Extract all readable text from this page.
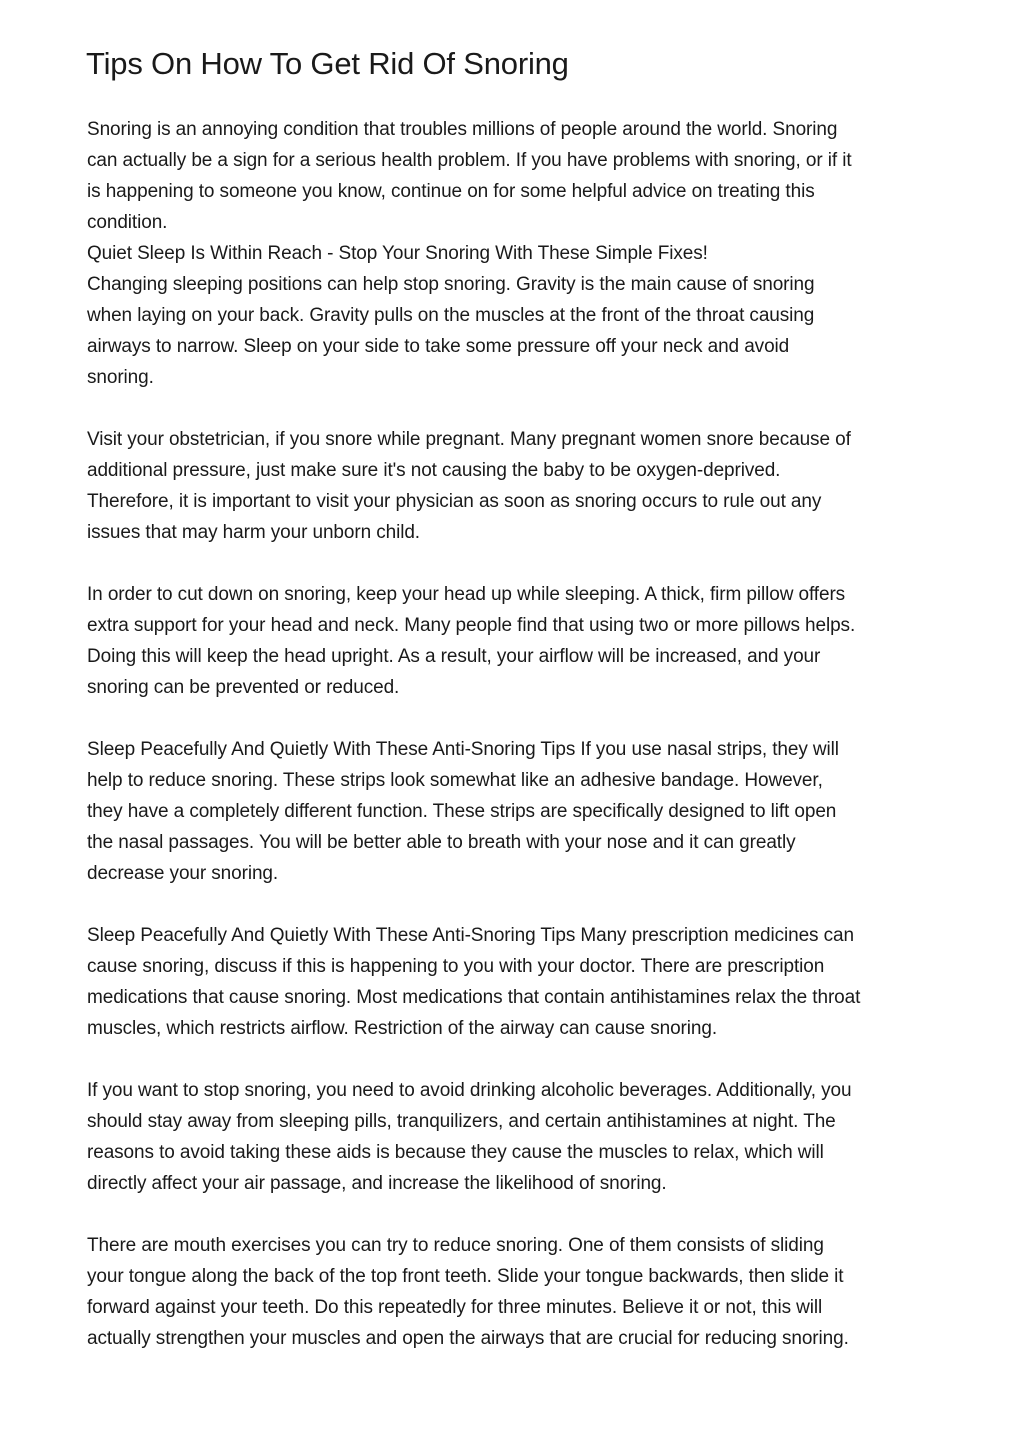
Tips On How To Get Rid Of Snoring
Snoring is an annoying condition that troubles millions of people around the world. Snoring
can actually be a sign for a serious health problem. If you have problems with snoring, or if it
is happening to someone you know, continue on for some helpful advice on treating this
condition.
Quiet Sleep Is Within Reach - Stop Your Snoring With These Simple Fixes!
Changing sleeping positions can help stop snoring. Gravity is the main cause of snoring
when laying on your back. Gravity pulls on the muscles at the front of the throat causing
airways to narrow. Sleep on your side to take some pressure off your neck and avoid
snoring.
Visit your obstetrician, if you snore while pregnant. Many pregnant women snore because of
additional pressure, just make sure it's not causing the baby to be oxygen-deprived.
Therefore, it is important to visit your physician as soon as snoring occurs to rule out any
issues that may harm your unborn child.
In order to cut down on snoring, keep your head up while sleeping. A thick, firm pillow offers
extra support for your head and neck. Many people find that using two or more pillows helps.
Doing this will keep the head upright. As a result, your airflow will be increased, and your
snoring can be prevented or reduced.
Sleep Peacefully And Quietly With These Anti-Snoring Tips If you use nasal strips, they will
help to reduce snoring. These strips look somewhat like an adhesive bandage. However,
they have a completely different function. These strips are specifically designed to lift open
the nasal passages. You will be better able to breath with your nose and it can greatly
decrease your snoring.
Sleep Peacefully And Quietly With These Anti-Snoring Tips Many prescription medicines can
cause snoring, discuss if this is happening to you with your doctor. There are prescription
medications that cause snoring. Most medications that contain antihistamines relax the throat
muscles, which restricts airflow. Restriction of the airway can cause snoring.
If you want to stop snoring, you need to avoid drinking alcoholic beverages. Additionally, you
should stay away from sleeping pills, tranquilizers, and certain antihistamines at night. The
reasons to avoid taking these aids is because they cause the muscles to relax, which will
directly affect your air passage, and increase the likelihood of snoring.
There are mouth exercises you can try to reduce snoring. One of them consists of sliding
your tongue along the back of the top front teeth. Slide your tongue backwards, then slide it
forward against your teeth. Do this repeatedly for three minutes. Believe it or not, this will
actually strengthen your muscles and open the airways that are crucial for reducing snoring.
